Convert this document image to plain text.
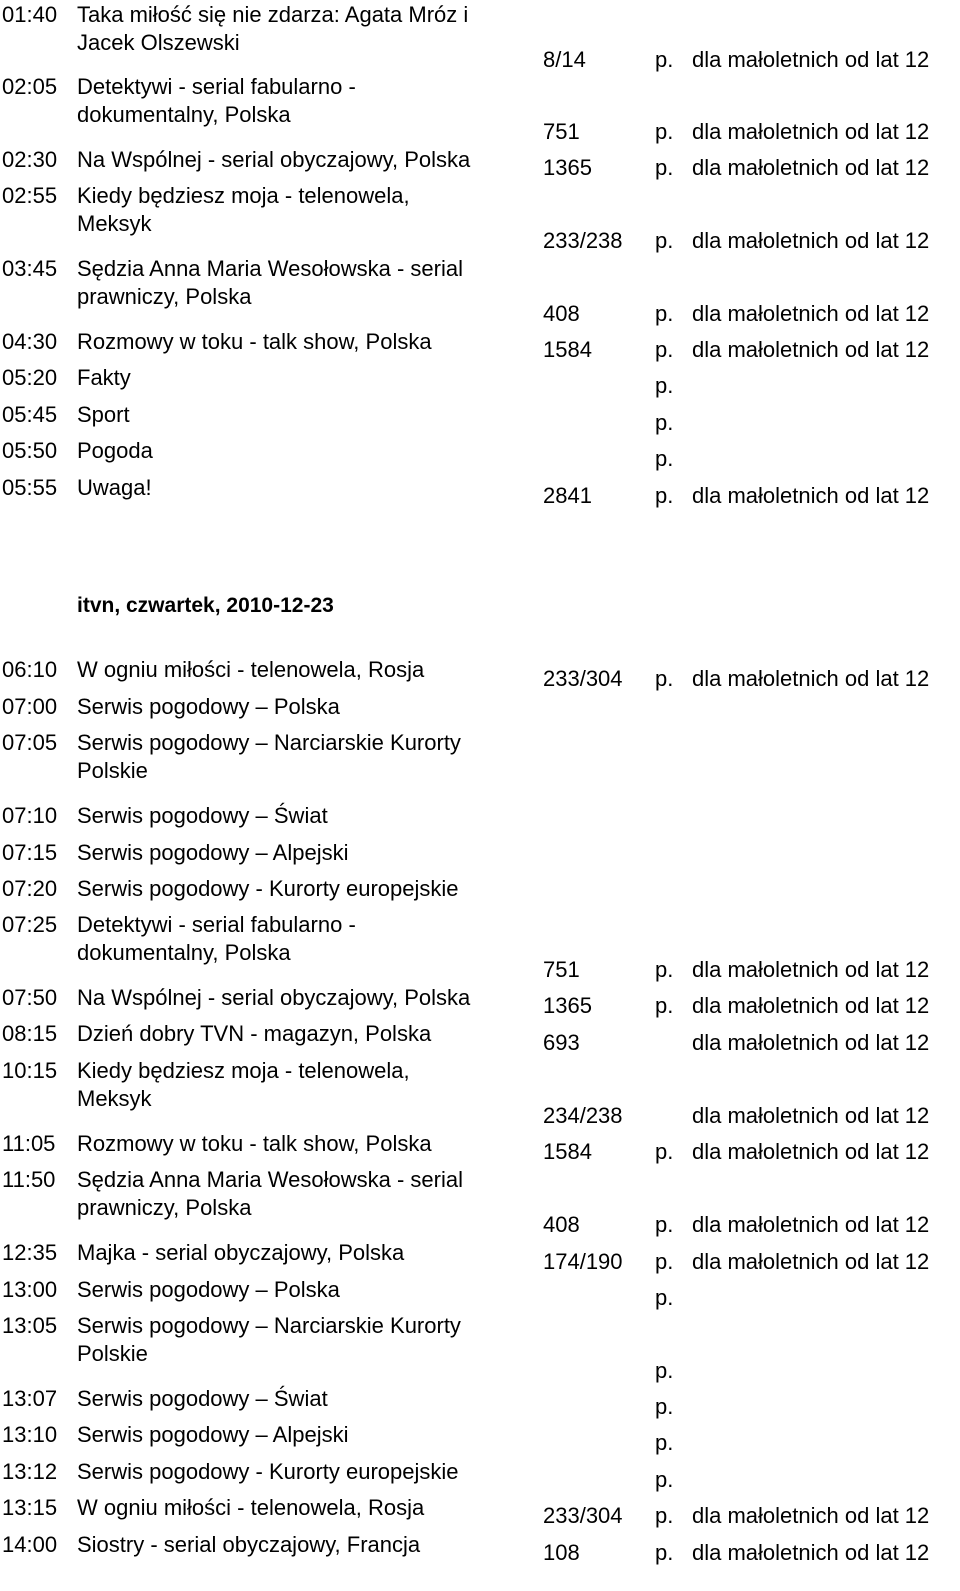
01:40 Taka miłość się nie zdarza: Agata Mróz i
Jacek Olszewski
8/14	p. dla małoletnich od lat 12
02:05 Detektywi - serial fabularno -
dokumentalny, Polska
751	p. dla małoletnich od lat 12
02:30 Na Wspólnej - serial obyczajowy, Polska	1365	p. dla małoletnich od lat 12
02:55 Kiedy będziesz moja - telenowela,
Meksyk
233/238 p. dla małoletnich od lat 12
03:45 Sędzia Anna Maria Wesołowska - serial
prawniczy, Polska
408	p. dla małoletnich od lat 12
04:30 Rozmowy w toku - talk show, Polska	1584	p. dla małoletnich od lat 12
05:20 Fakty	p.
05:45 Sport	p.
05:50 Pogoda	p.
05:55 Uwaga!	2841	p. dla małoletnich od lat 12
itvn, czwartek, 2010-12-23
06:10 W ogniu miłości - telenowela, Rosja	233/304 p. dla małoletnich od lat 12
07:00 Serwis pogodowy – Polska
07:05 Serwis pogodowy – Narciarskie Kurorty
Polskie
07:10 Serwis pogodowy – Świat
07:15 Serwis pogodowy – Alpejski
07:20 Serwis pogodowy - Kurorty europejskie
07:25 Detektywi - serial fabularno -
dokumentalny, Polska
751	p. dla małoletnich od lat 12
07:50 Na Wspólnej - serial obyczajowy, Polska	1365	p. dla małoletnich od lat 12
08:15 Dzień dobry TVN - magazyn, Polska	693	dla małoletnich od lat 12
10:15 Kiedy będziesz moja - telenowela,
Meksyk
234/238	dla małoletnich od lat 12
11:05 Rozmowy w toku - talk show, Polska	1584	p. dla małoletnich od lat 12
11:50 Sędzia Anna Maria Wesołowska - serial
prawniczy, Polska
408	p. dla małoletnich od lat 12
12:35 Majka - serial obyczajowy, Polska	174/190 p. dla małoletnich od lat 12
13:00 Serwis pogodowy – Polska	p.
13:05 Serwis pogodowy – Narciarskie Kurorty
Polskie
p.
13:07 Serwis pogodowy – Świat	p.
13:10 Serwis pogodowy – Alpejski	p.
13:12 Serwis pogodowy - Kurorty europejskie	p.
13:15 W ogniu miłości - telenowela, Rosja	233/304 p. dla małoletnich od lat 12
14:00 Siostry - serial obyczajowy, Francja	108	p. dla małoletnich od lat 12
